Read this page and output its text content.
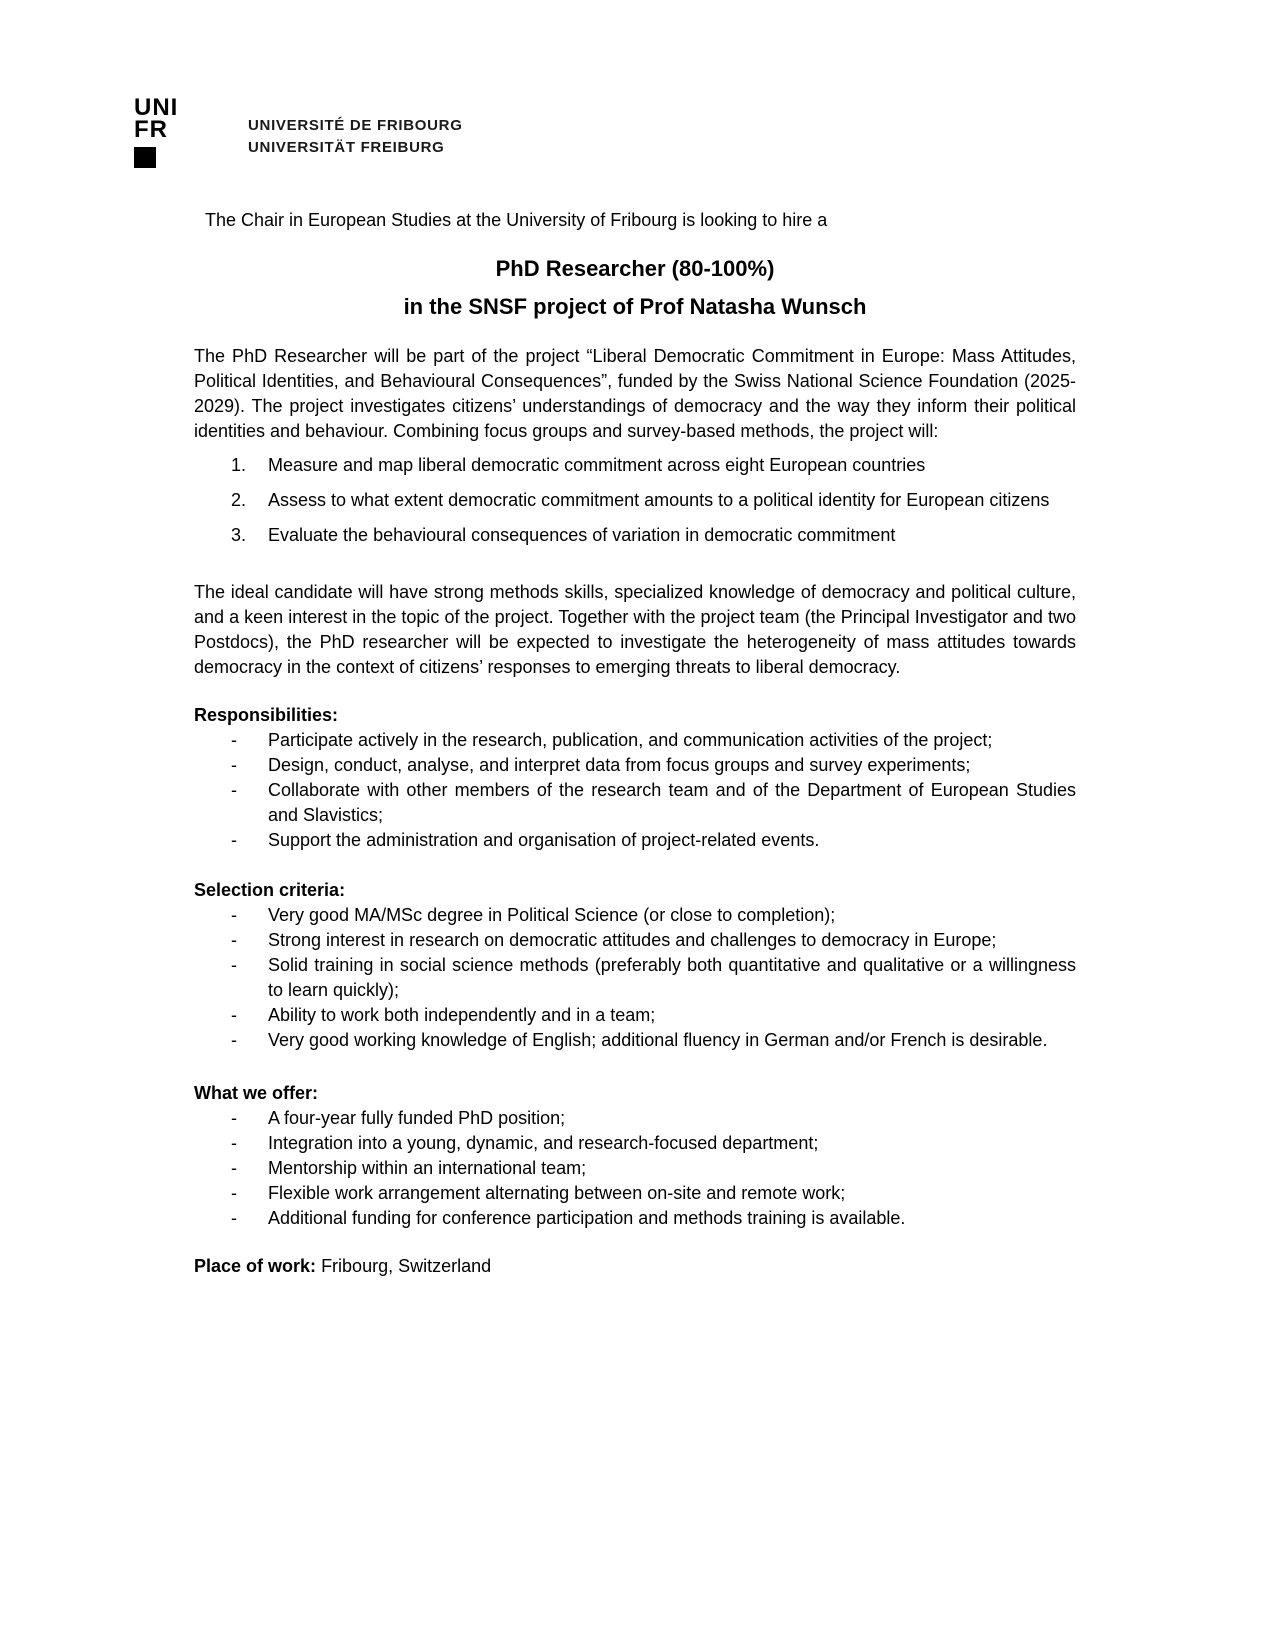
UNI
FR	UNIVERSITÉ DE FRIBOURG
UNIVERSITÄT FREIBURG
The Chair in European Studies at the University of Fribourg is looking to hire a
PhD Researcher (80-100%)
in the SNSF project of Prof Natasha Wunsch
The PhD Researcher will be part of the project “Liberal Democratic Commitment in Europe: Mass Attitudes, Political Identities, and Behavioural Consequences”, funded by the Swiss National Science Foundation (2025-2029). The project investigates citizens’ understandings of democracy and the way they inform their political identities and behaviour. Combining focus groups and survey-based methods, the project will:
1.	Measure and map liberal democratic commitment across eight European countries
2.	Assess to what extent democratic commitment amounts to a political identity for European citizens
3.	Evaluate the behavioural consequences of variation in democratic commitment
The ideal candidate will have strong methods skills, specialized knowledge of democracy and political culture, and a keen interest in the topic of the project. Together with the project team (the Principal Investigator and two Postdocs), the PhD researcher will be expected to investigate the heterogeneity of mass attitudes towards democracy in the context of citizens’ responses to emerging threats to liberal democracy.
Responsibilities:
-	Participate actively in the research, publication, and communication activities of the project;
-	Design, conduct, analyse, and interpret data from focus groups and survey experiments;
-	Collaborate with other members of the research team and of the Department of European Studies and Slavistics;
-	Support the administration and organisation of project-related events.
Selection criteria:
-	Very good MA/MSc degree in Political Science (or close to completion);
-	Strong interest in research on democratic attitudes and challenges to democracy in Europe;
-	Solid training in social science methods (preferably both quantitative and qualitative or a willingness to learn quickly);
-	Ability to work both independently and in a team;
-	Very good working knowledge of English; additional fluency in German and/or French is desirable.
What we offer:
-	A four-year fully funded PhD position;
-	Integration into a young, dynamic, and research-focused department;
-	Mentorship within an international team;
-	Flexible work arrangement alternating between on-site and remote work;
-	Additional funding for conference participation and methods training is available.
Place of work: Fribourg, Switzerland
